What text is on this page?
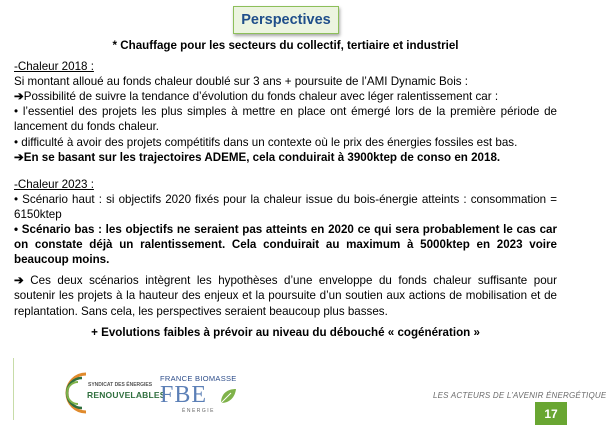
Perspectives

* Chauffage pour les secteurs du collectif, tertiaire et industriel

-Chaleur 2018 :

Si montant alloué au fonds chaleur doublé sur 3 ans + poursuite de l’AMI Dynamic Bois :

➔Possibilité de suivre la tendance d’évolution du fonds chaleur avec léger ralentissement car :

• l’essentiel des projets les plus simples à mettre en place ont émergé lors de la première période de lancement du fonds chaleur.

• difficulté à avoir des projets compétitifs dans un contexte où le prix des énergies fossiles est bas.

➔En se basant sur les trajectoires ADEME, cela conduirait à 3900ktep de conso en 2018.

-Chaleur 2023 :

• Scénario haut : si objectifs 2020 fixés pour la chaleur issue du bois-énergie atteints : consommation = 6150ktep

• Scénario bas : les objectifs ne seraient pas atteints en 2020 ce qui sera probablement le cas car on constate déjà un ralentissement. Cela conduirait au maximum à 5000ktep en 2023 voire beaucoup moins.

➔ Ces deux scénarios intègrent les hypothèses d’une enveloppe du fonds chaleur suffisante pour soutenir les projets à la hauteur des enjeux et la poursuite d’un soutien aux actions de mobilisation et de replantation. Sans cela, les perspectives seraient beaucoup plus basses.

+ Evolutions faibles à prévoir au niveau du débouché « cogénération »

SYNDICAT DES ÉNERGIES
RENOUVELABLES
FRANCE BIOMASSE
FBE
ÉNERGIE
LES ACTEURS DE L’AVENIR ÉNERGÉTIQUE
17
